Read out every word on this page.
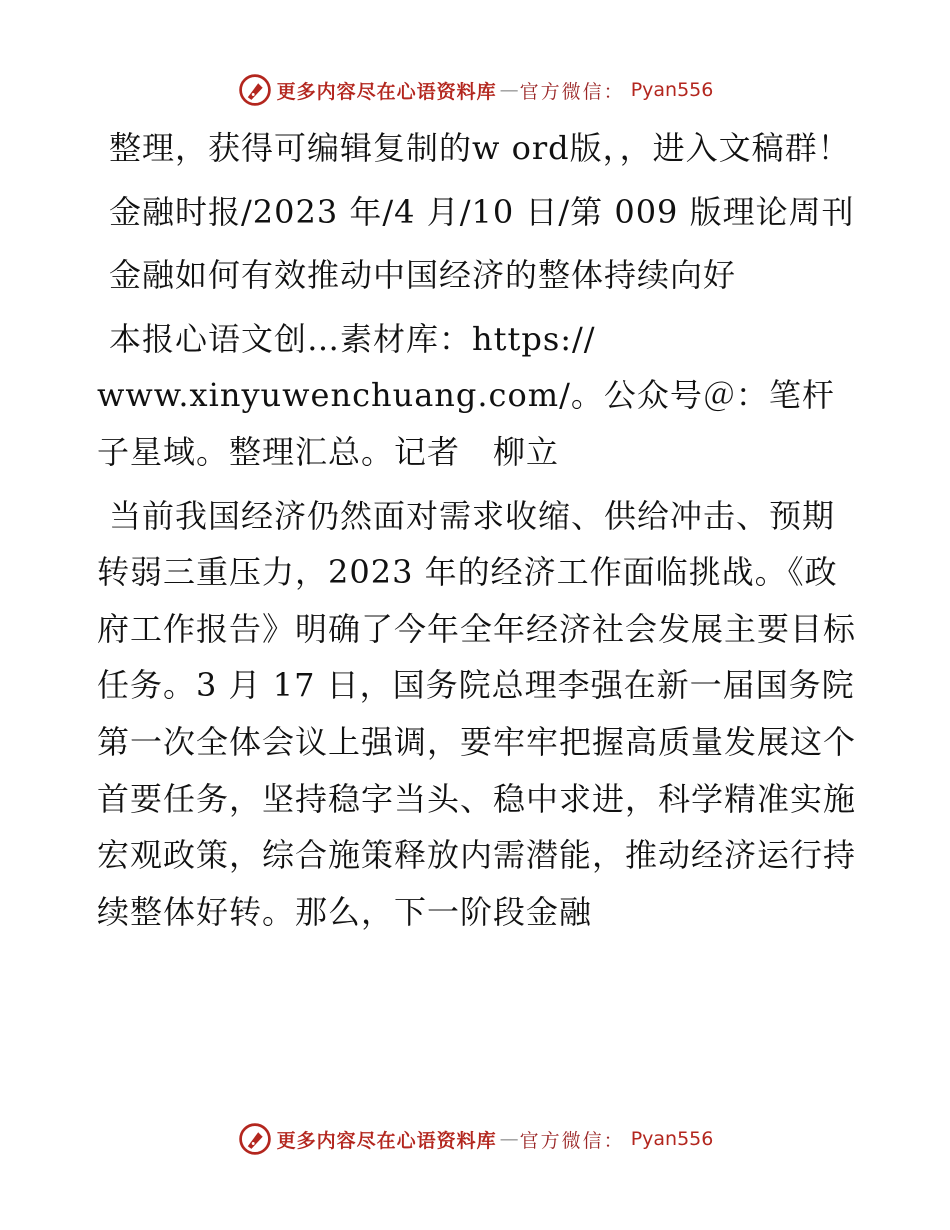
更多内容尽在心语资料库 — 官方微信： Pyan556

整理，获得可编辑复制的w ord版，，进入文稿群！

金融时报/2023 年/4 月/10 日/第 009 版理论周刊

金融如何有效推动中国经济的整体持续向好

本报心语文创…素材库：https://
www.xinyuwenchuang.com/。公众号＠：笔杆子星域。整理汇总。记者　柳立

当前我国经济仍然面对需求收缩、供给冲击、预期转弱三重压力，2023 年的经济工作面临挑战。《政府工作报告》明确了今年全年经济社会发展主要目标任务。3 月 17 日，国务院总理李强在新一届国务院第一次全体会议上强调，要牢牢把握高质量发展这个首要任务，坚持稳字当头、稳中求进，科学精准实施宏观政策，综合施策释放内需潜能，推动经济运行持续整体好转。那么，下一阶段金融

更多内容尽在心语资料库 — 官方微信： Pyan556
